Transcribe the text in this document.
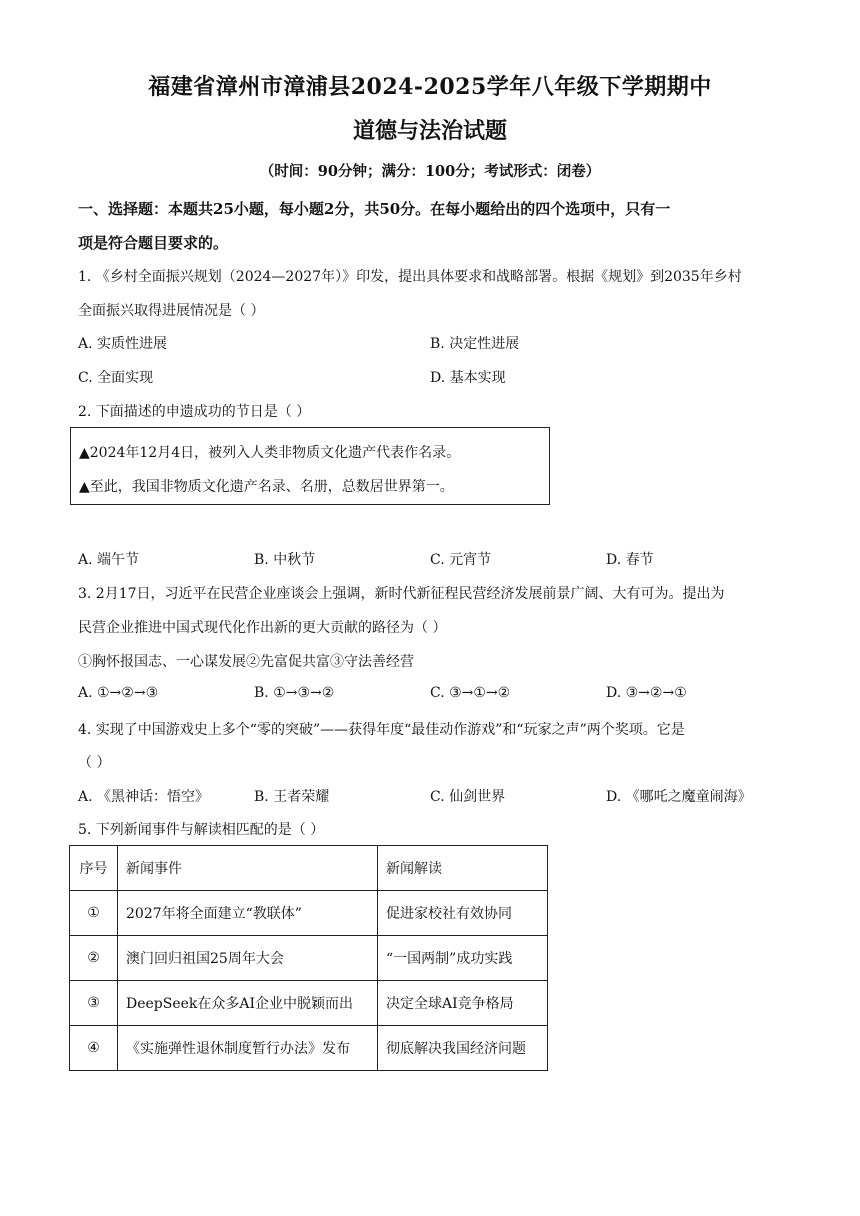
福建省漳州市漳浦县2024-2025学年八年级下学期期中
道德与法治试题
（时间：90分钟；满分：100分；考试形式：闭卷）
一、选择题：本题共25小题，每小题2分，共50分。在每小题给出的四个选项中，只有一
项是符合题目要求的。
1. 《乡村全面振兴规划（2024—2027年）》印发，提出具体要求和战略部署。根据《规划》到2035年乡村
全面振兴取得进展情况是（ ）
A. 实质性进展	B. 决定性进展
C. 全面实现	D. 基本实现
2. 下面描述的申遗成功的节日是（ ）
▲2024年12月4日，被列入人类非物质文化遗产代表作名录。
▲至此，我国非物质文化遗产名录、名册，总数居世界第一。
A. 端午节	B. 中秋节	C. 元宵节	D. 春节
3. 2月17日，习近平在民营企业座谈会上强调，新时代新征程民营经济发展前景广阔、大有可为。提出为
民营企业推进中国式现代化作出新的更大贡献的路径为（ ）
①胸怀报国志、一心谋发展②先富促共富③守法善经营
A. ①→②→③	B. ①→③→②	C. ③→①→②	D. ③→②→①
4. 实现了中国游戏史上多个“零的突破”——获得年度“最佳动作游戏”和“玩家之声”两个奖项。它是
（ ）
A. 《黑神话：悟空》	B. 王者荣耀	C. 仙剑世界	D. 《哪吒之魔童闹海》
5. 下列新闻事件与解读相匹配的是（ ）
序号	新闻事件	新闻解读
①	2027年将全面建立“教联体”	促进家校社有效协同
②	澳门回归祖国25周年大会	“一国两制”成功实践
③	DeepSeek在众多AI企业中脱颖而出	决定全球AI竞争格局
④	《实施弹性退休制度暂行办法》发布	彻底解决我国经济问题
